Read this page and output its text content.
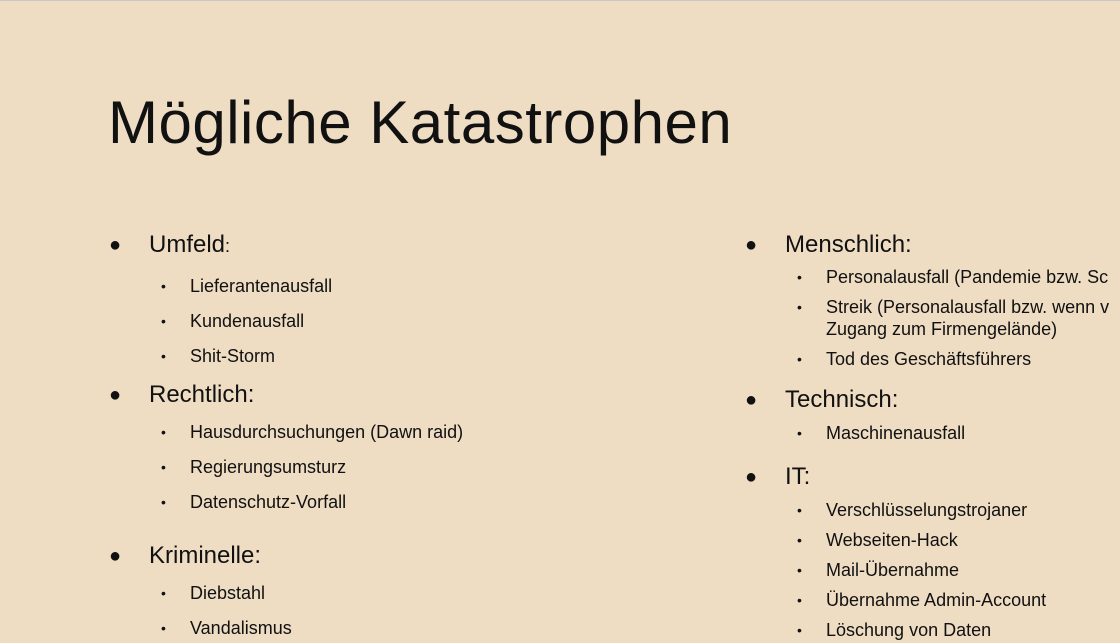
Mögliche Katastrophen
● Umfeld:
• Lieferantenausfall
• Kundenausfall
• Shit-Storm
● Rechtlich:
• Hausdurchsuchungen (Dawn raid)
• Regierungsumsturz
• Datenschutz-Vorfall
● Kriminelle:
• Diebstahl
• Vandalismus
● Menschlich:
• Personalausfall (Pandemie bzw. Sc
• Streik (Personalausfall bzw. wenn v
Zugang zum Firmengelände)
• Tod des Geschäftsführers
● Technisch:
• Maschinenausfall
● IT:
• Verschlüsselungstrojaner
• Webseiten-Hack
• Mail-Übernahme
• Übernahme Admin-Account
• Löschung von Daten
